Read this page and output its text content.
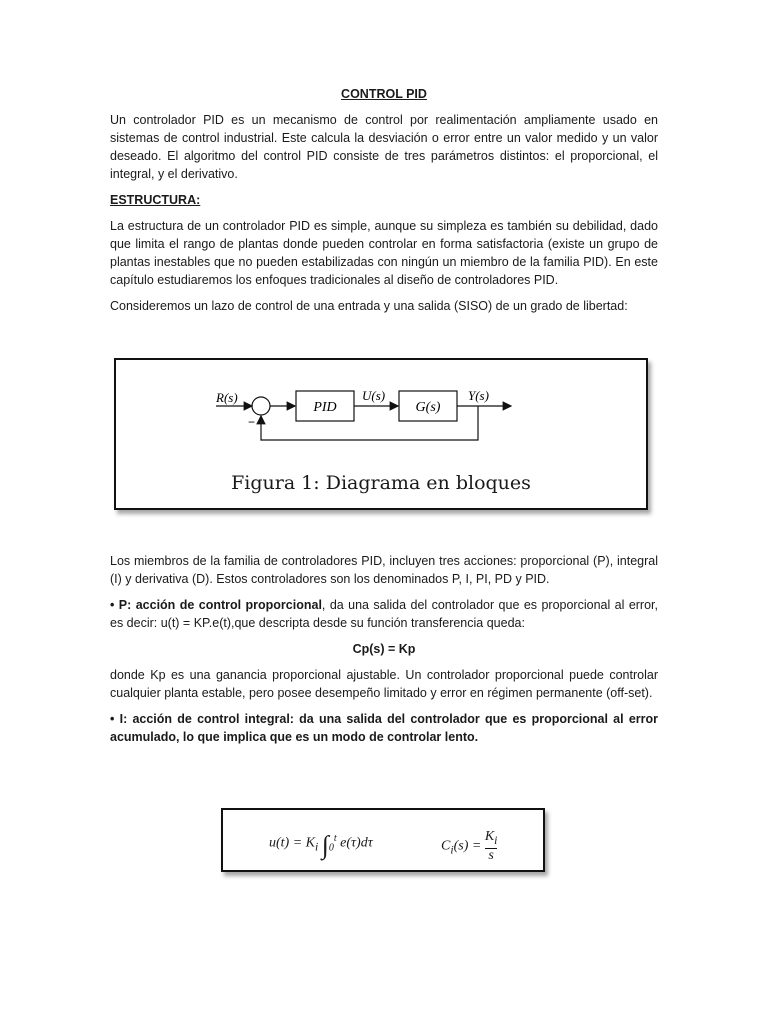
CONTROL PID

Un controlador PID es un mecanismo de control por realimentación ampliamente usado en sistemas de control industrial. Este calcula la desviación o error entre un valor medido y un valor deseado. El algoritmo del control PID consiste de tres parámetros distintos: el proporcional, el integral, y el derivativo.

ESTRUCTURA:

La estructura de un controlador PID es simple, aunque su simpleza es también su debilidad, dado que limita el rango de plantas donde pueden controlar en forma satisfactoria (existe un grupo de plantas inestables que no pueden estabilizadas con ningún un miembro de la familia PID). En este capítulo estudiaremos los enfoques tradicionales al diseño de controladores PID.

Consideremos un lazo de control de una entrada y una salida (SISO) de un grado de libertad:

R(s)
−
PID
U(s)
G(s)
Y(s)
Figura 1: Diagrama en bloques

Los miembros de la familia de controladores PID, incluyen tres acciones: proporcional (P), integral (I) y derivativa (D). Estos controladores son los denominados P, I, PI, PD y PID.

• P: acción de control proporcional, da una salida del controlador que es proporcional al error, es decir: u(t) = KP.e(t),que descripta desde su función transferencia queda:

Cp(s) = Kp

donde Kp es una ganancia proporcional ajustable. Un controlador proporcional puede controlar cualquier planta estable, pero posee desempeño limitado y error en régimen permanente (off-set).

• I: acción de control integral: da una salida del controlador que es proporcional al error acumulado, lo que implica que es un modo de controlar lento.

$u(t) = K_i$ $\int_0^t$ e(τ)dτ	$C_i(s) = \frac{K_i}{s}$
